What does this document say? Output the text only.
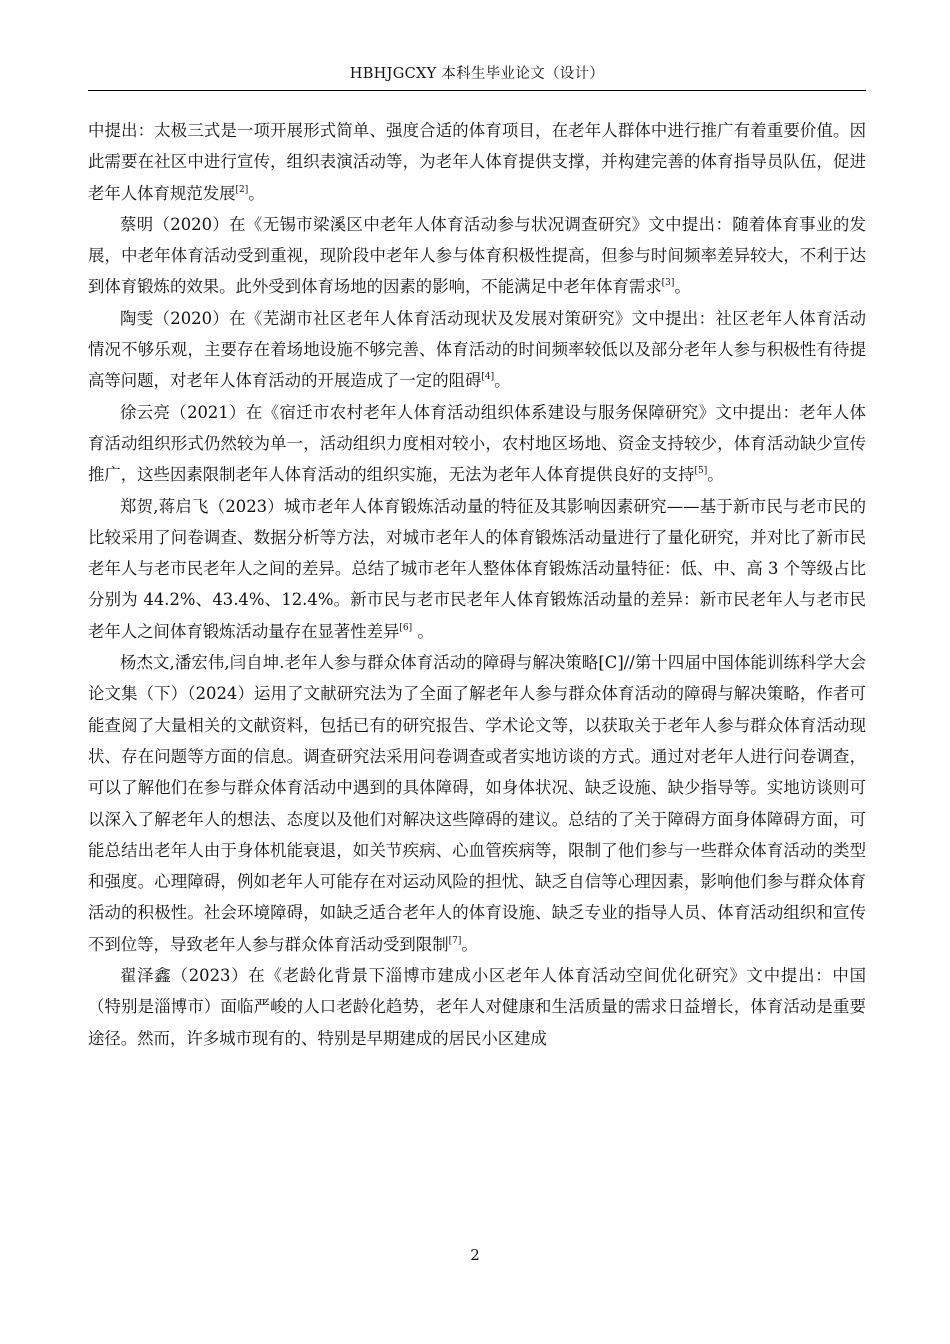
HBHJGCXY 本科生毕业论文（设计）

中提出：太极三式是一项开展形式简单、强度合适的体育项目，在老年人群体中进行推广有着重要价值。因此需要在社区中进行宣传，组织表演活动等，为老年人体育提供支撑，并构建完善的体育指导员队伍，促进老年人体育规范发展[2]。

蔡明（2020）在《无锡市梁溪区中老年人体育活动参与状况调查研究》文中提出：随着体育事业的发展，中老年体育活动受到重视，现阶段中老年人参与体育积极性提高，但参与时间频率差异较大，不利于达到体育锻炼的效果。此外受到体育场地的因素的影响，不能满足中老年体育需求[3]。

陶雯（2020）在《芜湖市社区老年人体育活动现状及发展对策研究》文中提出：社区老年人体育活动情况不够乐观，主要存在着场地设施不够完善、体育活动的时间频率较低以及部分老年人参与积极性有待提高等问题，对老年人体育活动的开展造成了一定的阻碍[4]。

徐云亮（2021）在《宿迁市农村老年人体育活动组织体系建设与服务保障研究》文中提出：老年人体育活动组织形式仍然较为单一，活动组织力度相对较小，农村地区场地、资金支持较少，体育活动缺少宣传推广，这些因素限制老年人体育活动的组织实施，无法为老年人体育提供良好的支持[5]。

郑贺,蒋启飞（2023）城市老年人体育锻炼活动量的特征及其影响因素研究——基于新市民与老市民的比较采用了问卷调查、数据分析等方法，对城市老年人的体育锻炼活动量进行了量化研究，并对比了新市民老年人与老市民老年人之间的差异。总结了城市老年人整体体育锻炼活动量特征：低、中、高 3 个等级占比分别为 44.2%、43.4%、12.4%。新市民与老市民老年人体育锻炼活动量的差异：新市民老年人与老市民老年人之间体育锻炼活动量存在显著性差异[6] 。

杨杰文,潘宏伟,闫自坤.老年人参与群众体育活动的障碍与解决策略[C]//第十四届中国体能训练科学大会论文集（下）（2024）运用了文献研究法为了全面了解老年人参与群众体育活动的障碍与解决策略，作者可能查阅了大量相关的文献资料，包括已有的研究报告、学术论文等，以获取关于老年人参与群众体育活动现状、存在问题等方面的信息。调查研究法采用问卷调查或者实地访谈的方式。通过对老年人进行问卷调查，可以了解他们在参与群众体育活动中遇到的具体障碍，如身体状况、缺乏设施、缺少指导等。实地访谈则可以深入了解老年人的想法、态度以及他们对解决这些障碍的建议。总结的了关于障碍方面身体障碍方面，可能总结出老年人由于身体机能衰退，如关节疾病、心血管疾病等，限制了他们参与一些群众体育活动的类型和强度。心理障碍，例如老年人可能存在对运动风险的担忧、缺乏自信等心理因素，影响他们参与群众体育活动的积极性。社会环境障碍，如缺乏适合老年人的体育设施、缺乏专业的指导人员、体育活动组织和宣传不到位等，导致老年人参与群众体育活动受到限制[7]。

翟泽鑫（2023）在《老龄化背景下淄博市建成小区老年人体育活动空间优化研究》文中提出：中国（特别是淄博市）面临严峻的人口老龄化趋势，老年人对健康和生活质量的需求日益增长，体育活动是重要途径。然而，许多城市现有的、特别是早期建成的居民小区建成

2
